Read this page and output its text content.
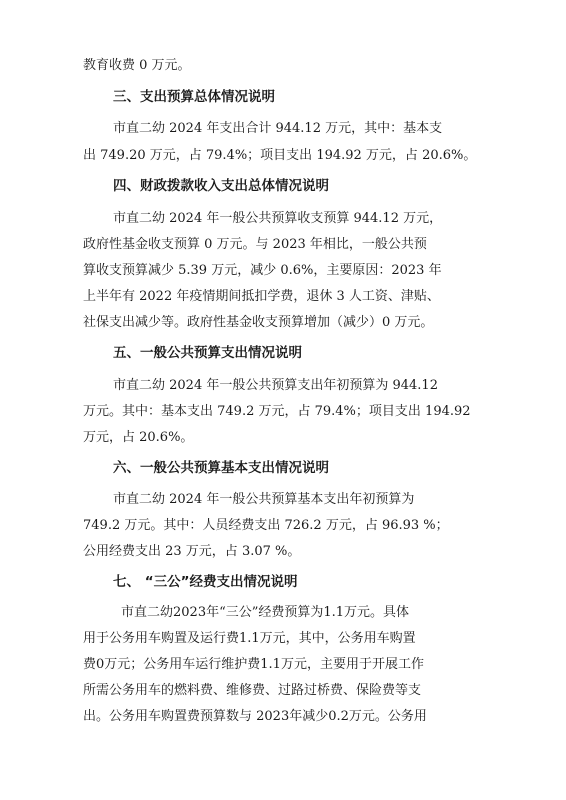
教育收费 0 万元。
三、支出预算总体情况说明
市直二幼 2024 年支出合计 944.12 万元，其中：基本支
出 749.20 万元，占 79.4%；项目支出 194.92 万元，占 20.6%。
四、财政拨款收入支出总体情况说明
市直二幼 2024 年一般公共预算收支预算 944.12 万元，
政府性基金收支预算 0 万元。与 2023 年相比，一般公共预
算收支预算减少 5.39 万元，减少 0.6%，主要原因：2023 年
上半年有 2022 年疫情期间抵扣学费，退休 3 人工资、津贴、
社保支出减少等。政府性基金收支预算增加（减少）0 万元。
五、一般公共预算支出情况说明
市直二幼 2024 年一般公共预算支出年初预算为 944.12
万元。其中：基本支出 749.2 万元，占 79.4%；项目支出 194.92
万元，占 20.6%。
六、一般公共预算基本支出情况说明
市直二幼 2024 年一般公共预算基本支出年初预算为
749.2 万元。其中：人员经费支出 726.2 万元，占 96.93 %；
公用经费支出 23 万元，占 3.07 %。
七、 “三公”经费支出情况说明
市直二幼2023年“三公”经费预算为1.1万元。具体
用于公务用车购置及运行费1.1万元，其中，公务用车购置
费0万元；公务用车运行维护费1.1万元，主要用于开展工作
所需公务用车的燃料费、维修费、过路过桥费、保险费等支
出。公务用车购置费预算数与 2023年减少0.2万元。公务用
